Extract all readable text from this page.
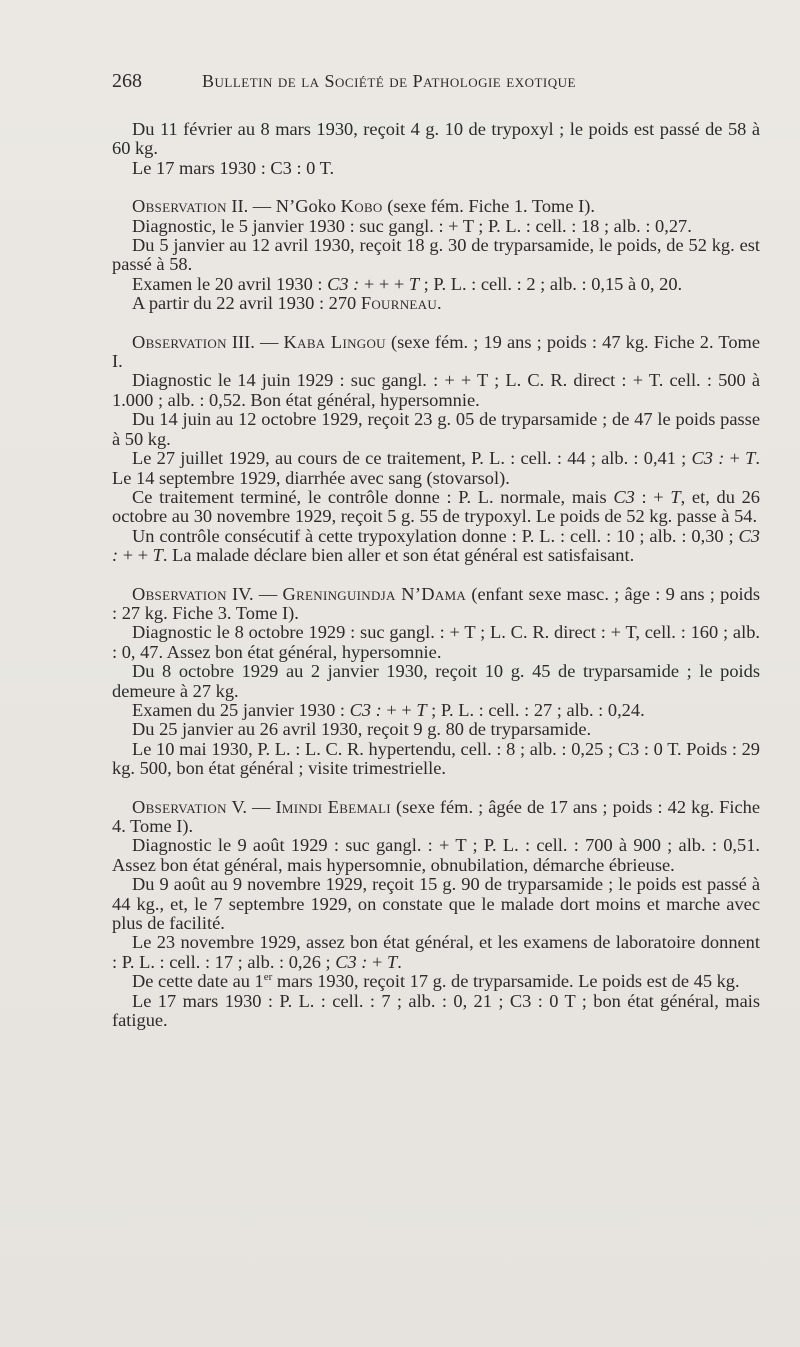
268	Bulletin de la Société de Pathologie exotique

Du 11 février au 8 mars 1930, reçoit 4 g. 10 de trypoxyl ; le poids est passé de 58 à 60 kg.

Le 17 mars 1930 : C3 : 0 T.

Observation II. — N’Goko Kobo (sexe fém. Fiche 1. Tome I).

Diagnostic, le 5 janvier 1930 : suc gangl. : + T ; P. L. : cell. : 18 ; alb. : 0,27.

Du 5 janvier au 12 avril 1930, reçoit 18 g. 30 de tryparsamide, le poids, de 52 kg. est passé à 58.

Examen le 20 avril 1930 : C3 : + + + T ; P. L. : cell. : 2 ; alb. : 0,15 à 0, 20.

A partir du 22 avril 1930 : 270 Fourneau.

Observation III. — Kaba Lingou (sexe fém. ; 19 ans ; poids : 47 kg. Fiche 2. Tome I.

Diagnostic le 14 juin 1929 : suc gangl. : + + T ; L. C. R. direct : + T. cell. : 500 à 1.000 ; alb. : 0,52. Bon état général, hypersomnie.

Du 14 juin au 12 octobre 1929, reçoit 23 g. 05 de tryparsamide ; de 47 le poids passe à 50 kg.

Le 27 juillet 1929, au cours de ce traitement, P. L. : cell. : 44 ; alb. : 0,41 ; C3 : + T. Le 14 septembre 1929, diarrhée avec sang (stovarsol).

Ce traitement terminé, le contrôle donne : P. L. normale, mais C3 : + T, et, du 26 octobre au 30 novembre 1929, reçoit 5 g. 55 de trypoxyl. Le poids de 52 kg. passe à 54.

Un contrôle consécutif à cette trypoxylation donne : P. L. : cell. : 10 ; alb. : 0,30 ; C3 : + + T. La malade déclare bien aller et son état général est satisfaisant.

Observation IV. — Greninguindja N’Dama (enfant sexe masc. ; âge : 9 ans ; poids : 27 kg. Fiche 3. Tome I).

Diagnostic le 8 octobre 1929 : suc gangl. : + T ; L. C. R. direct : + T, cell. : 160 ; alb. : 0, 47. Assez bon état général, hypersomnie.

Du 8 octobre 1929 au 2 janvier 1930, reçoit 10 g. 45 de tryparsamide ; le poids demeure à 27 kg.

Examen du 25 janvier 1930 : C3 : + + T ; P. L. : cell. : 27 ; alb. : 0,24.

Du 25 janvier au 26 avril 1930, reçoit 9 g. 80 de tryparsamide.

Le 10 mai 1930, P. L. : L. C. R. hypertendu, cell. : 8 ; alb. : 0,25 ; C3 : 0 T. Poids : 29 kg. 500, bon état général ; visite trimestrielle.

Observation V. — Imindi Ebemali (sexe fém. ; âgée de 17 ans ; poids : 42 kg. Fiche 4. Tome I).

Diagnostic le 9 août 1929 : suc gangl. : + T ; P. L. : cell. : 700 à 900 ; alb. : 0,51. Assez bon état général, mais hypersomnie, obnubilation, démarche ébrieuse.

Du 9 août au 9 novembre 1929, reçoit 15 g. 90 de tryparsamide ; le poids est passé à 44 kg., et, le 7 septembre 1929, on constate que le malade dort moins et marche avec plus de facilité.

Le 23 novembre 1929, assez bon état général, et les examens de laboratoire donnent : P. L. : cell. : 17 ; alb. : 0,26 ; C3 : + T.

De cette date au 1er mars 1930, reçoit 17 g. de tryparsamide. Le poids est de 45 kg.

Le 17 mars 1930 : P. L. : cell. : 7 ; alb. : 0, 21 ; C3 : 0 T ; bon état général, mais fatigue.
